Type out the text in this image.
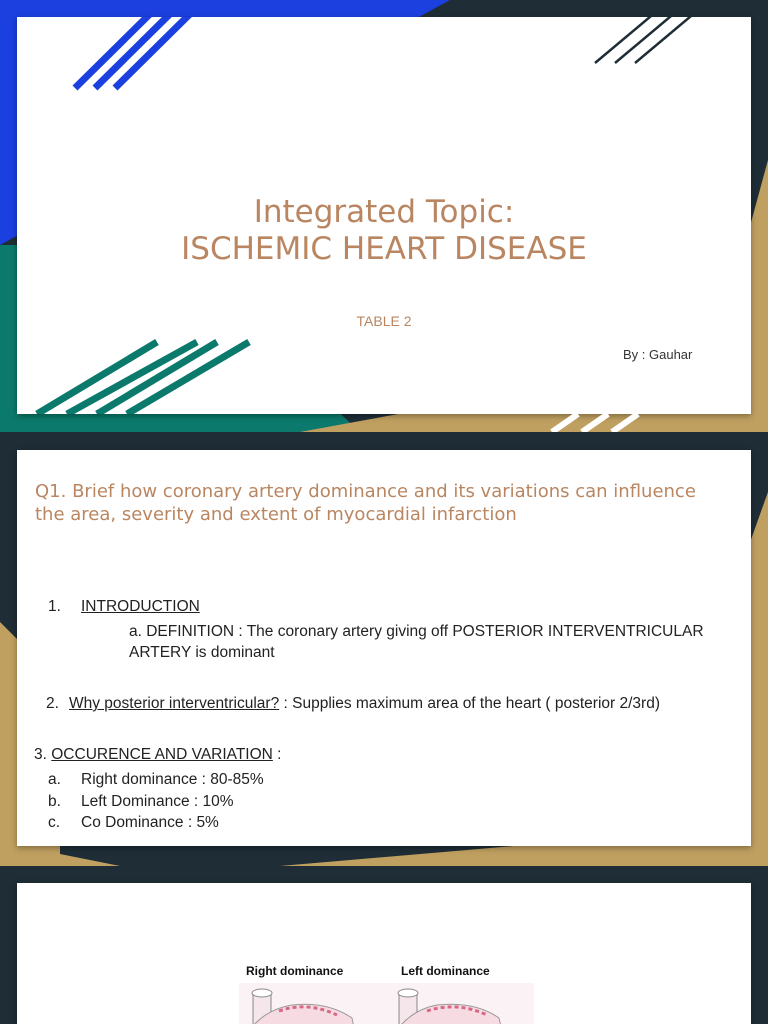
Integrated Topic:
ISCHEMIC HEART DISEASE
TABLE 2
By : Gauhar
Q1. Brief how coronary artery dominance and its variations can influence the area, severity and extent of myocardial infarction
1. INTRODUCTION
a. DEFINITION : The coronary artery giving off POSTERIOR INTERVENTRICULAR
ARTERY is dominant
2. Why posterior interventricular? : Supplies maximum area of the heart ( posterior 2/3rd)
3. OCCURENCE AND VARIATION :
a. Right dominance : 80-85%
b. Left Dominance : 10%
c. Co Dominance : 5%
Right dominance	Left dominance
